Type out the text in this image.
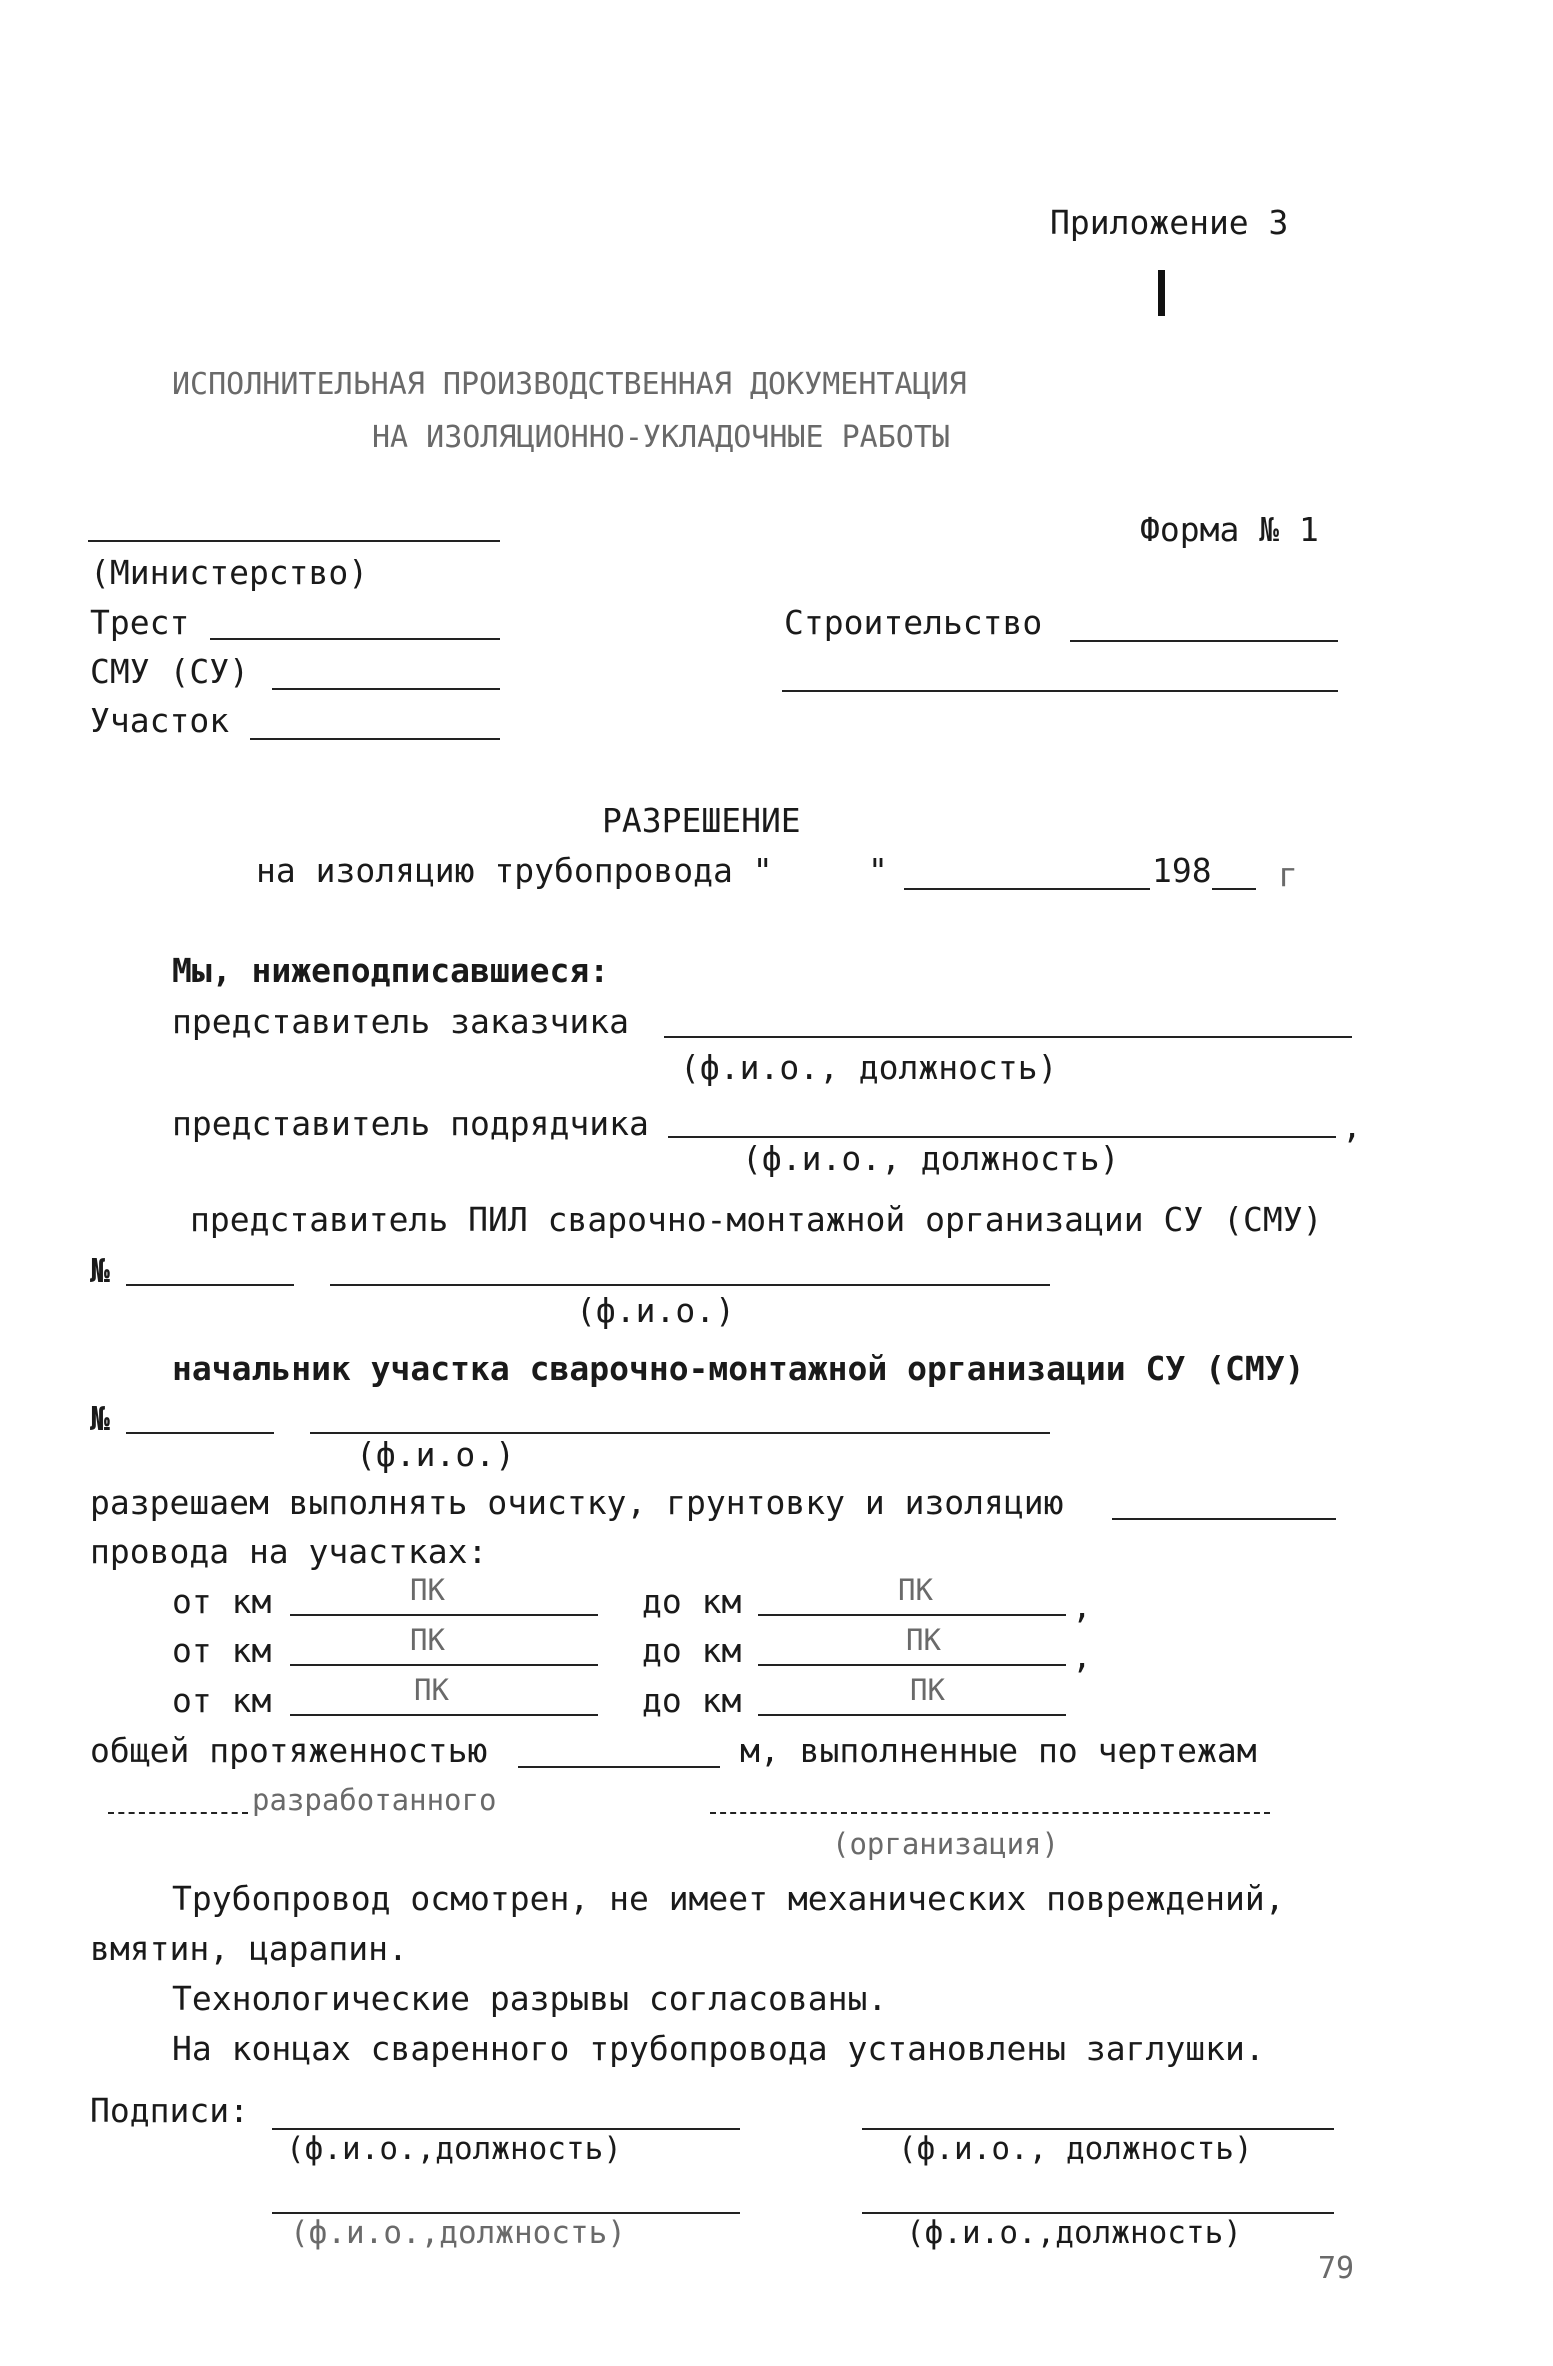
Приложение 3
ИСПОЛНИТЕЛЬНАЯ ПРОИЗВОДСТВЕННАЯ ДОКУМЕНТАЦИЯ
НА ИЗОЛЯЦИОННО-УКЛАДОЧНЫЕ РАБОТЫ
Форма № 1
(Министерство)
Трест
СМУ (СУ)
Участок
Строительство
РАЗРЕШЕНИЕ
на изоляцию трубопровода "	"	198 г
Мы, нижеподписавшиеся:
представитель заказчика
(ф.и.о., должность)
представитель подрядчика	,
(ф.и.о., должность)
представитель ПИЛ сварочно-монтажной организации СУ (СМУ)
№
(ф.и.о.)
начальник участка сварочно-монтажной организации СУ (СМУ)
№
(ф.и.о.)
разрешаем выполнять очистку, грунтовку и изоляцию
провода на участках:
от км	ПК	до км	ПК	,
от км	ПК	до км	ПК	,
от км	ПК	до км	ПК
общей протяженностью	м, выполненные по чертежам
разработанного
(организация)
Трубопровод осмотрен, не имеет механических повреждений,
вмятин, царапин.
Технологические разрывы согласованы.
На концах сваренного трубопровода установлены заглушки.
Подписи:
(ф.и.о.,должность)	(ф.и.о., должность)
(ф.и.о.,должность)	(ф.и.о.,должность)
79
